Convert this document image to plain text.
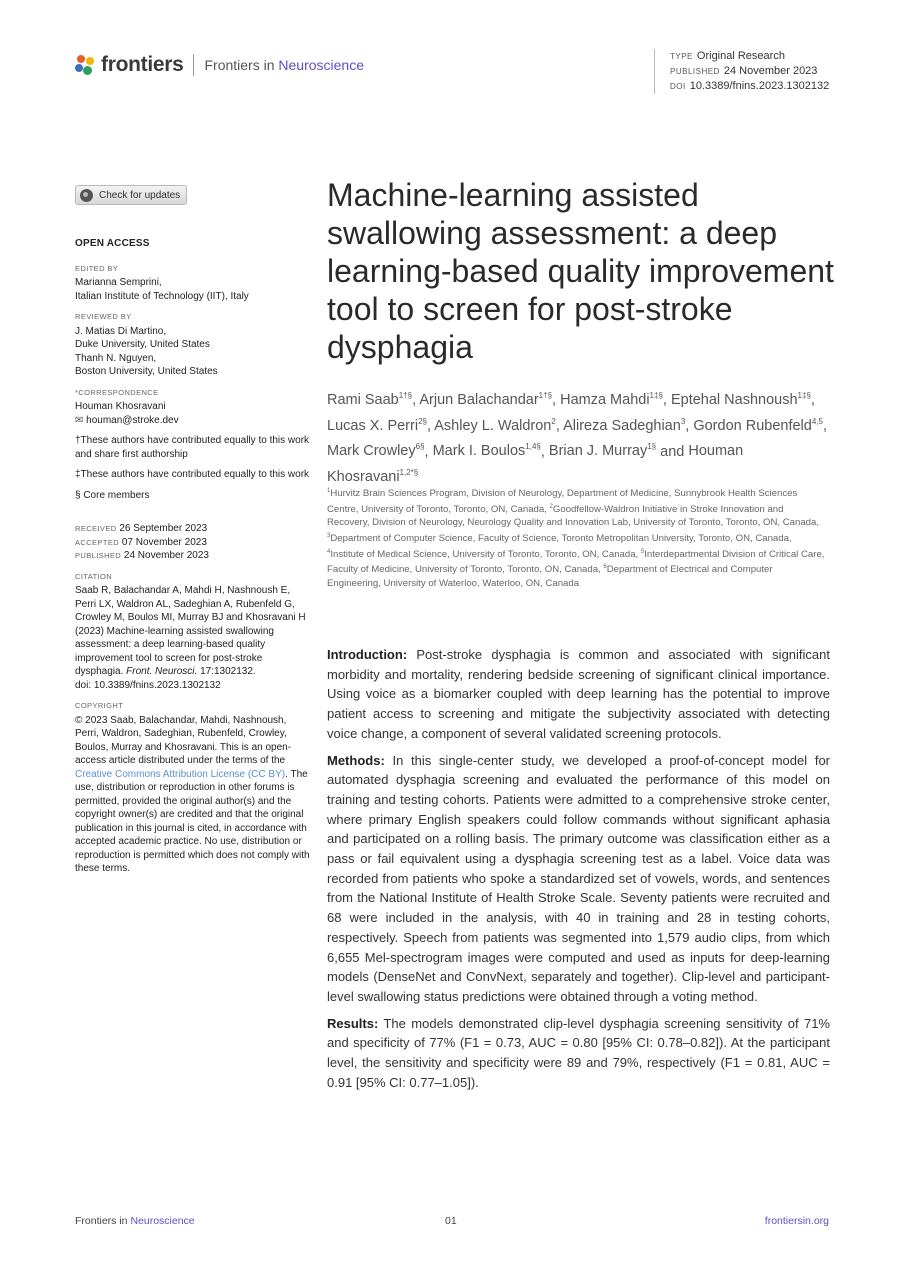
frontiers Frontiers in Neuroscience
TYPE Original Research
PUBLISHED 24 November 2023
DOI 10.3389/fnins.2023.1302132
Check for updates
OPEN ACCESS
EDITED BY
Marianna Semprini,
Italian Institute of Technology (IIT), Italy
REVIEWED BY
J. Matias Di Martino,
Duke University, United States
Thanh N. Nguyen,
Boston University, United States
*CORRESPONDENCE
Houman Khosravani
✉ houman@stroke.dev
†These authors have contributed equally to this work and share first authorship
‡These authors have contributed equally to this work
§ Core members
RECEIVED 26 September 2023
ACCEPTED 07 November 2023
PUBLISHED 24 November 2023
CITATION
Saab R, Balachandar A, Mahdi H, Nashnoush E, Perri LX, Waldron AL, Sadeghian A, Rubenfeld G, Crowley M, Boulos MI, Murray BJ and Khosravani H (2023) Machine-learning assisted swallowing assessment: a deep learning-based quality improvement tool to screen for post-stroke dysphagia. Front. Neurosci. 17:1302132.
doi: 10.3389/fnins.2023.1302132
COPYRIGHT
© 2023 Saab, Balachandar, Mahdi, Nashnoush, Perri, Waldron, Sadeghian, Rubenfeld, Crowley, Boulos, Murray and Khosravani. This is an open-access article distributed under the terms of the Creative Commons Attribution License (CC BY). The use, distribution or reproduction in other forums is permitted, provided the original author(s) and the copyright owner(s) are credited and that the original publication in this journal is cited, in accordance with accepted academic practice. No use, distribution or reproduction is permitted which does not comply with these terms.
Machine-learning assisted swallowing assessment: a deep learning-based quality improvement tool to screen for post-stroke dysphagia
Rami Saab$^{1\dagger\S}$, Arjun Balachandar$^{1\dagger\S}$, Hamza Mahdi$^{1\ddagger\S}$, Eptehal Nashnoush$^{1\ddagger\S}$, Lucas X. Perri$^{2\S}$, Ashley L. Waldron$^2$, Alireza Sadeghian$^3$, Gordon Rubenfeld$^{4,5}$, Mark Crowley$^{6\S}$, Mark I. Boulos$^{1,4\S}$, Brian J. Murray$^{1\S}$ and Houman Khosravani$^{1,2*\S}$
$^1$Hurvitz Brain Sciences Program, Division of Neurology, Department of Medicine, Sunnybrook Health Sciences Centre, University of Toronto, Toronto, ON, Canada, $^2$Goodfellow-Waldron Initiative in Stroke Innovation and Recovery, Division of Neurology, Neurology Quality and Innovation Lab, University of Toronto, Toronto, ON, Canada, $^3$Department of Computer Science, Faculty of Science, Toronto Metropolitan University, Toronto, ON, Canada, $^4$Institute of Medical Science, University of Toronto, Toronto, ON, Canada, $^5$Interdepartmental Division of Critical Care, Faculty of Medicine, University of Toronto, Toronto, ON, Canada, $^6$Department of Electrical and Computer Engineering, University of Waterloo, Waterloo, ON, Canada

Introduction: Post-stroke dysphagia is common and associated with significant morbidity and mortality, rendering bedside screening of significant clinical importance. Using voice as a biomarker coupled with deep learning has the potential to improve patient access to screening and mitigate the subjectivity associated with detecting voice change, a component of several validated screening protocols.

Methods: In this single-center study, we developed a proof-of-concept model for automated dysphagia screening and evaluated the performance of this model on training and testing cohorts. Patients were admitted to a comprehensive stroke center, where primary English speakers could follow commands without significant aphasia and participated on a rolling basis. The primary outcome was classification either as a pass or fail equivalent using a dysphagia screening test as a label. Voice data was recorded from patients who spoke a standardized set of vowels, words, and sentences from the National Institute of Health Stroke Scale. Seventy patients were recruited and 68 were included in the analysis, with 40 in training and 28 in testing cohorts, respectively. Speech from patients was segmented into 1,579 audio clips, from which 6,655 Mel-spectrogram images were computed and used as inputs for deep-learning models (DenseNet and ConvNext, separately and together). Clip-level and participant-level swallowing status predictions were obtained through a voting method.

Results: The models demonstrated clip-level dysphagia screening sensitivity of 71% and specificity of 77% (F1 = 0.73, AUC = 0.80 [95% CI: 0.78–0.82]). At the participant level, the sensitivity and specificity were 89 and 79%, respectively (F1 = 0.81, AUC = 0.91 [95% CI: 0.77–1.05]).

Frontiers in Neuroscience	01	frontiersin.org
